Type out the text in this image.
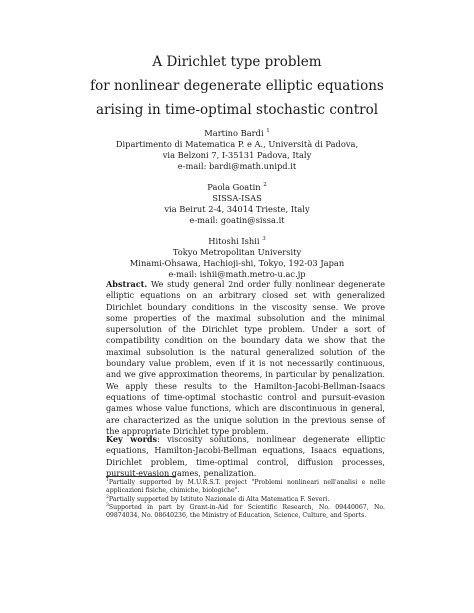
A Dirichlet type problem
for nonlinear degenerate elliptic equations
arising in time-optimal stochastic control
Martino Bardi $^1$
Dipartimento di Matematica P. e A., Università di Padova,
via Belzoni 7, I-35131 Padova, Italy
e-mail: bardi@math.unipd.it
Paola Goatin $^2$
SISSA-ISAS
via Beirut 2-4, 34014 Trieste, Italy
e-mail: goatin@sissa.it
Hitoshi Ishii $^3$
Tokyo Metropolitan University
Minami-Ohsawa, Hachioji-shi, Tokyo, 192-03 Japan
e-mail: ishii@math.metro-u.ac.jp
Abstract. We study general 2nd order fully nonlinear degenerate elliptic equations on an arbitrary closed set with generalized Dirichlet boundary conditions in the viscosity sense. We prove some properties of the maximal subsolution and the minimal supersolution of the Dirichlet type problem. Under a sort of compatibility condition on the boundary data we show that the maximal subsolution is the natural generalized solution of the boundary value problem, even if it is not necessarily continuous, and we give approximation theorems, in particular by penalization. We apply these results to the Hamilton-Jacobi-Bellman-Isaacs equations of time-optimal stochastic control and pursuit-evasion games whose value functions, which are discontinuous in general, are characterized as the unique solution in the previous sense of the appropriate Dirichlet type problem.
Key words: viscosity solutions, nonlinear degenerate elliptic equations, Hamilton-Jacobi-Bellman equations, Isaacs equations, Dirichlet problem, time-optimal control, diffusion processes, pursuit-evasion games, penalization.
$^1$Partially supported by M.U.R.S.T. project "Problemi nonlineari nell'analisi e nelle applicazioni fisiche, chimiche, biologiche".
$^2$Partially supported by Istituto Nazionale di Alta Matematica F. Severi.
$^3$Supported in part by Grant-in-Aid for Scientific Research, No. 09440067, No. 09874034, No. 08640236, the Ministry of Education, Science, Culture, and Sports.
